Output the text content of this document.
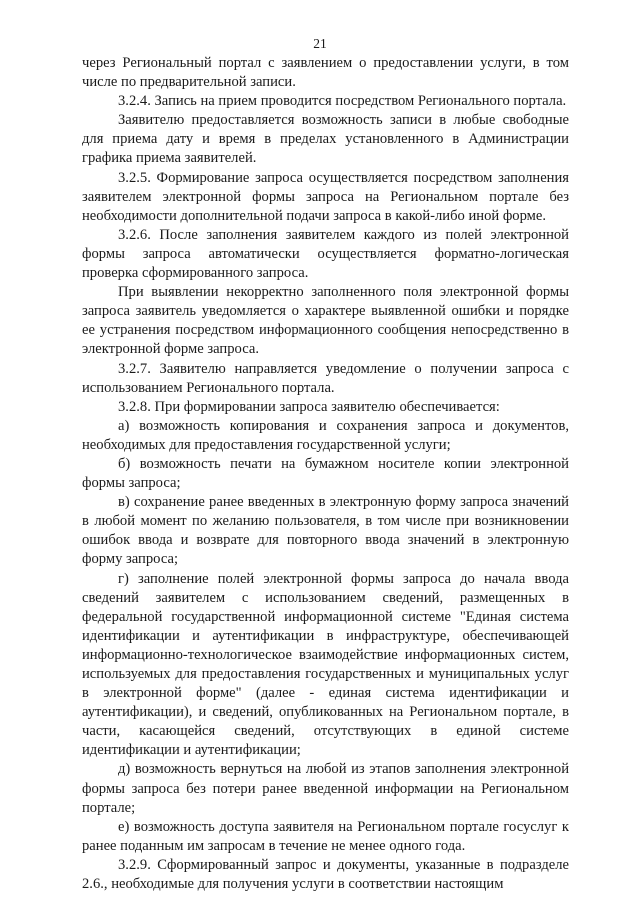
21

через Региональный портал с заявлением о предоставлении услуги, в том числе по предварительной записи.

3.2.4. Запись на прием проводится посредством Регионального портала.

Заявителю предоставляется возможность записи в любые свободные для приема дату и время в пределах установленного в Администрации графика приема заявителей.

3.2.5. Формирование запроса осуществляется посредством заполнения заявителем электронной формы запроса на Региональном портале без необходимости дополнительной подачи запроса в какой-либо иной форме.

3.2.6. После заполнения заявителем каждого из полей электронной формы запроса автоматически осуществляется форматно-логическая проверка сформированного запроса.

При выявлении некорректно заполненного поля электронной формы запроса заявитель уведомляется о характере выявленной ошибки и порядке ее устранения посредством информационного сообщения непосредственно в электронной форме запроса.

3.2.7. Заявителю направляется уведомление о получении запроса с использованием Регионального портала.

3.2.8. При формировании запроса заявителю обеспечивается:

а) возможность копирования и сохранения запроса и документов, необходимых для предоставления государственной услуги;

б) возможность печати на бумажном носителе копии электронной формы запроса;

в) сохранение ранее введенных в электронную форму запроса значений в любой момент по желанию пользователя, в том числе при возникновении ошибок ввода и возврате для повторного ввода значений в электронную форму запроса;

г) заполнение полей электронной формы запроса до начала ввода сведений заявителем с использованием сведений, размещенных в федеральной государственной информационной системе "Единая система идентификации и аутентификации в инфраструктуре, обеспечивающей информационно-технологическое взаимодействие информационных систем, используемых для предоставления государственных и муниципальных услуг в электронной форме" (далее - единая система идентификации и аутентификации), и сведений, опубликованных на Региональном портале, в части, касающейся сведений, отсутствующих в единой системе идентификации и аутентификации;

д) возможность вернуться на любой из этапов заполнения электронной формы запроса без потери ранее введенной информации на Региональном портале;

е) возможность доступа заявителя на Региональном портале госуслуг к ранее поданным им запросам в течение не менее одного года.

3.2.9. Сформированный запрос и документы, указанные в подразделе 2.6., необходимые для получения услуги в соответствии настоящим
